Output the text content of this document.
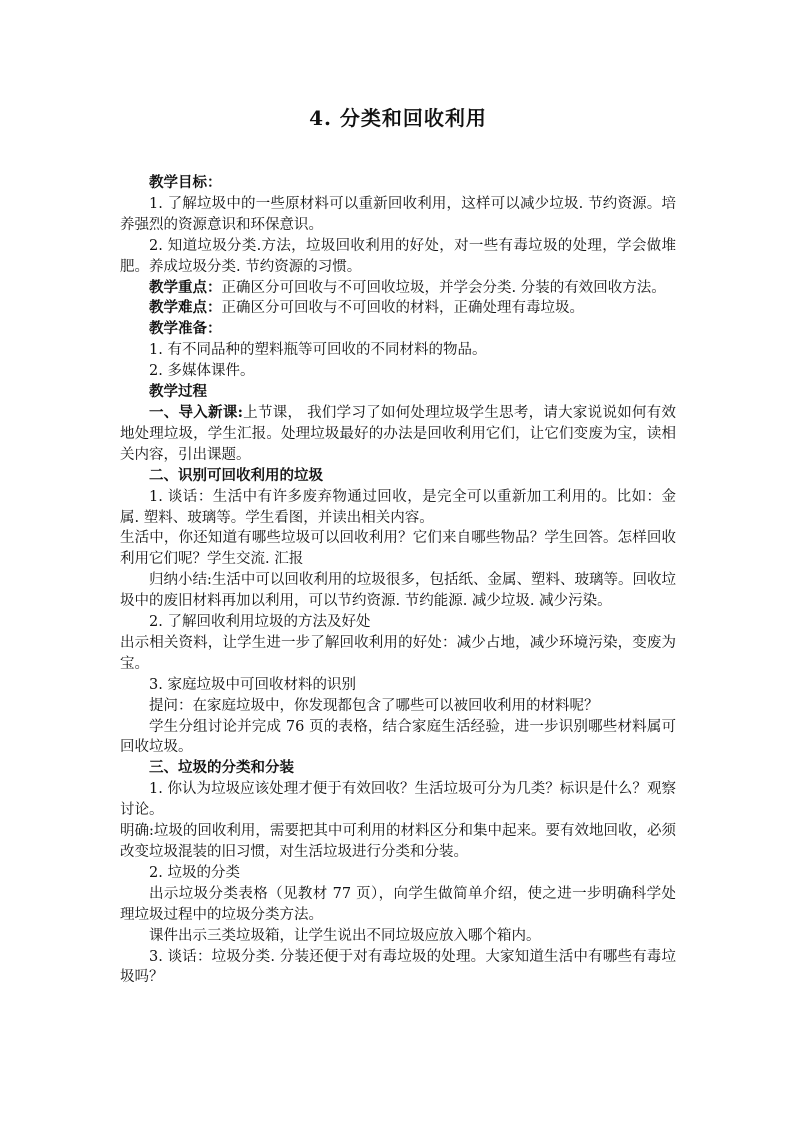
4. 分类和回收利用

教学目标：

1. 了解垃圾中的一些原材料可以重新回收利用，这样可以减少垃圾. 节约资源。培养强烈的资源意识和环保意识。

2. 知道垃圾分类.方法，垃圾回收利用的好处，对一些有毒垃圾的处理，学会做堆肥。养成垃圾分类. 节约资源的习惯。

教学重点：正确区分可回收与不可回收垃圾，并学会分类. 分装的有效回收方法。

教学难点：正确区分可回收与不可回收的材料，正确处理有毒垃圾。

教学准备：

1. 有不同品种的塑料瓶等可回收的不同材料的物品。

2. 多媒体课件。

教学过程

一、导入新课:上节课， 我们学习了如何处理垃圾学生思考，请大家说说如何有效地处理垃圾，学生汇报。处理垃圾最好的办法是回收利用它们，让它们变废为宝，读相关内容，引出课题。

二、识别可回收利用的垃圾

1. 谈话：生活中有许多废弃物通过回收，是完全可以重新加工利用的。比如：金属. 塑料、玻璃等。学生看图，并读出相关内容。

生活中，你还知道有哪些垃圾可以回收利用？它们来自哪些物品？学生回答。怎样回收利用它们呢？学生交流. 汇报

归纳小结:生活中可以回收利用的垃圾很多，包括纸、金属、塑料、玻璃等。回收垃圾中的废旧材料再加以利用，可以节约资源. 节约能源. 减少垃圾. 减少污染。

2. 了解回收利用垃圾的方法及好处

出示相关资料，让学生进一步了解回收利用的好处：减少占地，减少环境污染，变废为宝。

3. 家庭垃圾中可回收材料的识别

提问：在家庭垃圾中，你发现都包含了哪些可以被回收利用的材料呢？

学生分组讨论并完成 76 页的表格，结合家庭生活经验，进一步识别哪些材料属可回收垃圾。

三、垃圾的分类和分装

1. 你认为垃圾应该处理才便于有效回收？生活垃圾可分为几类？标识是什么？观察讨论。

明确:垃圾的回收利用，需要把其中可利用的材料区分和集中起来。要有效地回收，必须改变垃圾混装的旧习惯，对生活垃圾进行分类和分装。

2. 垃圾的分类

出示垃圾分类表格（见教材 77 页），向学生做简单介绍，使之进一步明确科学处理垃圾过程中的垃圾分类方法。

课件出示三类垃圾箱，让学生说出不同垃圾应放入哪个箱内。

3. 谈话：垃圾分类. 分装还便于对有毒垃圾的处理。大家知道生活中有哪些有毒垃圾吗？
